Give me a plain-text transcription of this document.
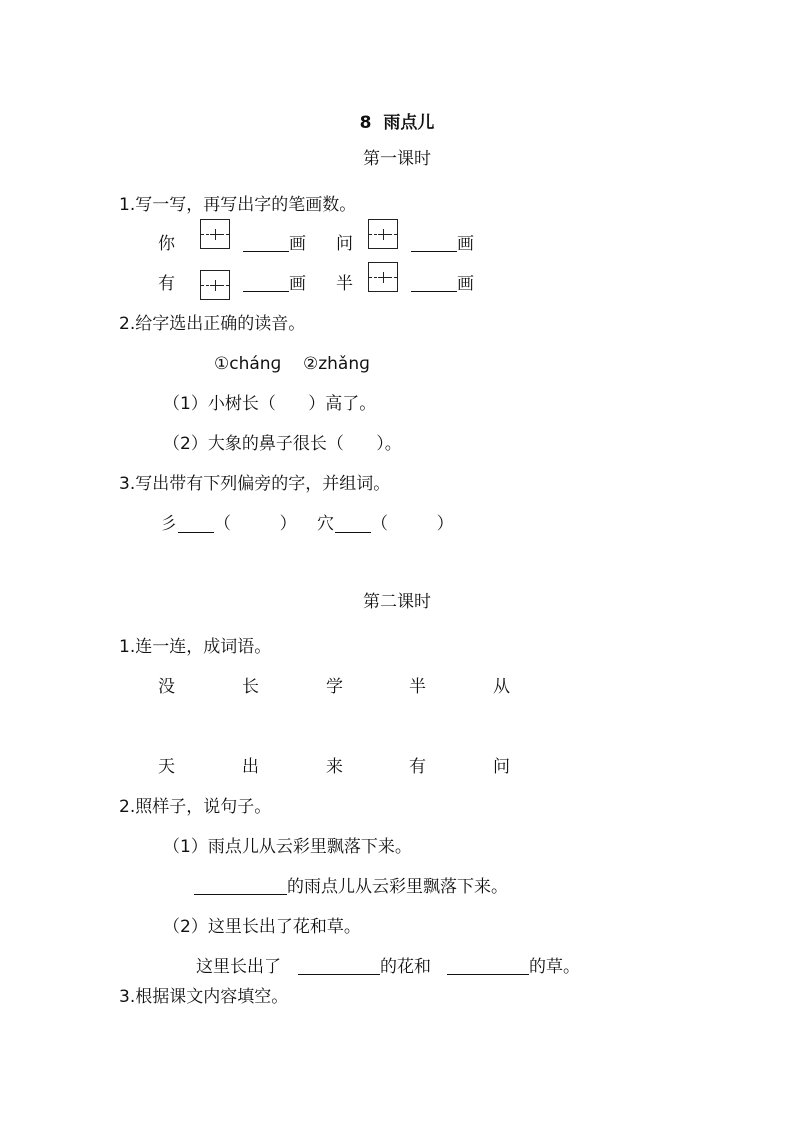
8  雨点儿
第一课时
1.写一写，再写出字的笔画数。
你	画 问	画
有	画 半	画
2.给字选出正确的读音。
①chánɡ    ②zhǎnɡ
（1）小树长（      ）高了。
（2）大象的鼻子很长（      ）。
3.写出带有下列偏旁的字，并组词。
彡 （         ） 穴 （         ）
第二课时
1.连一连，成词语。
没	长	学	半	从
天	出	来	有	问
2.照样子，说句子。
（1）雨点儿从云彩里飘落下来。
的雨点儿从云彩里飘落下来。
（2）这里长出了花和草。
这里长出了	的花和	的草。
3.根据课文内容填空。
